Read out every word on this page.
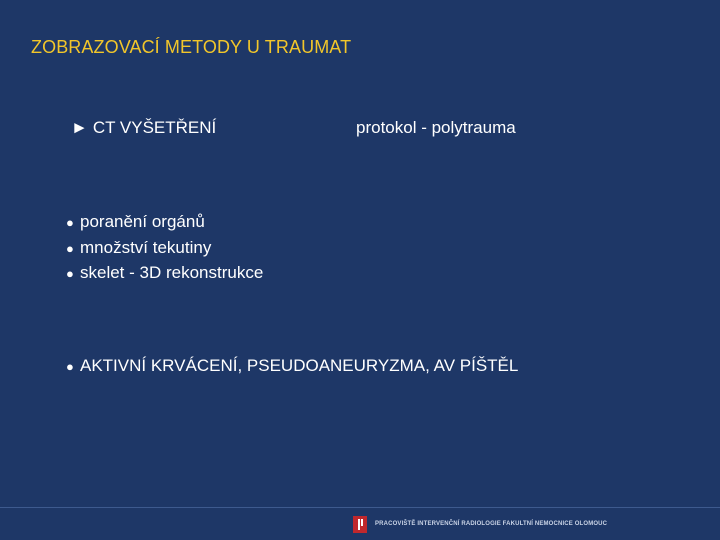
ZOBRAZOVACÍ METODY U TRAUMAT
► CT VYŠETŘENÍ	protokol - polytrauma
● poranění orgánů
● množství tekutiny
● skelet - 3D rekonstrukce
● AKTIVNÍ KRVÁCENÍ, PSEUDOANEURYZMA, AV PÍŠTĚL
PRACOVIŠTĚ INTERVENČNÍ RADIOLOGIE FAKULTNÍ NEMOCNICE OLOMOUC
